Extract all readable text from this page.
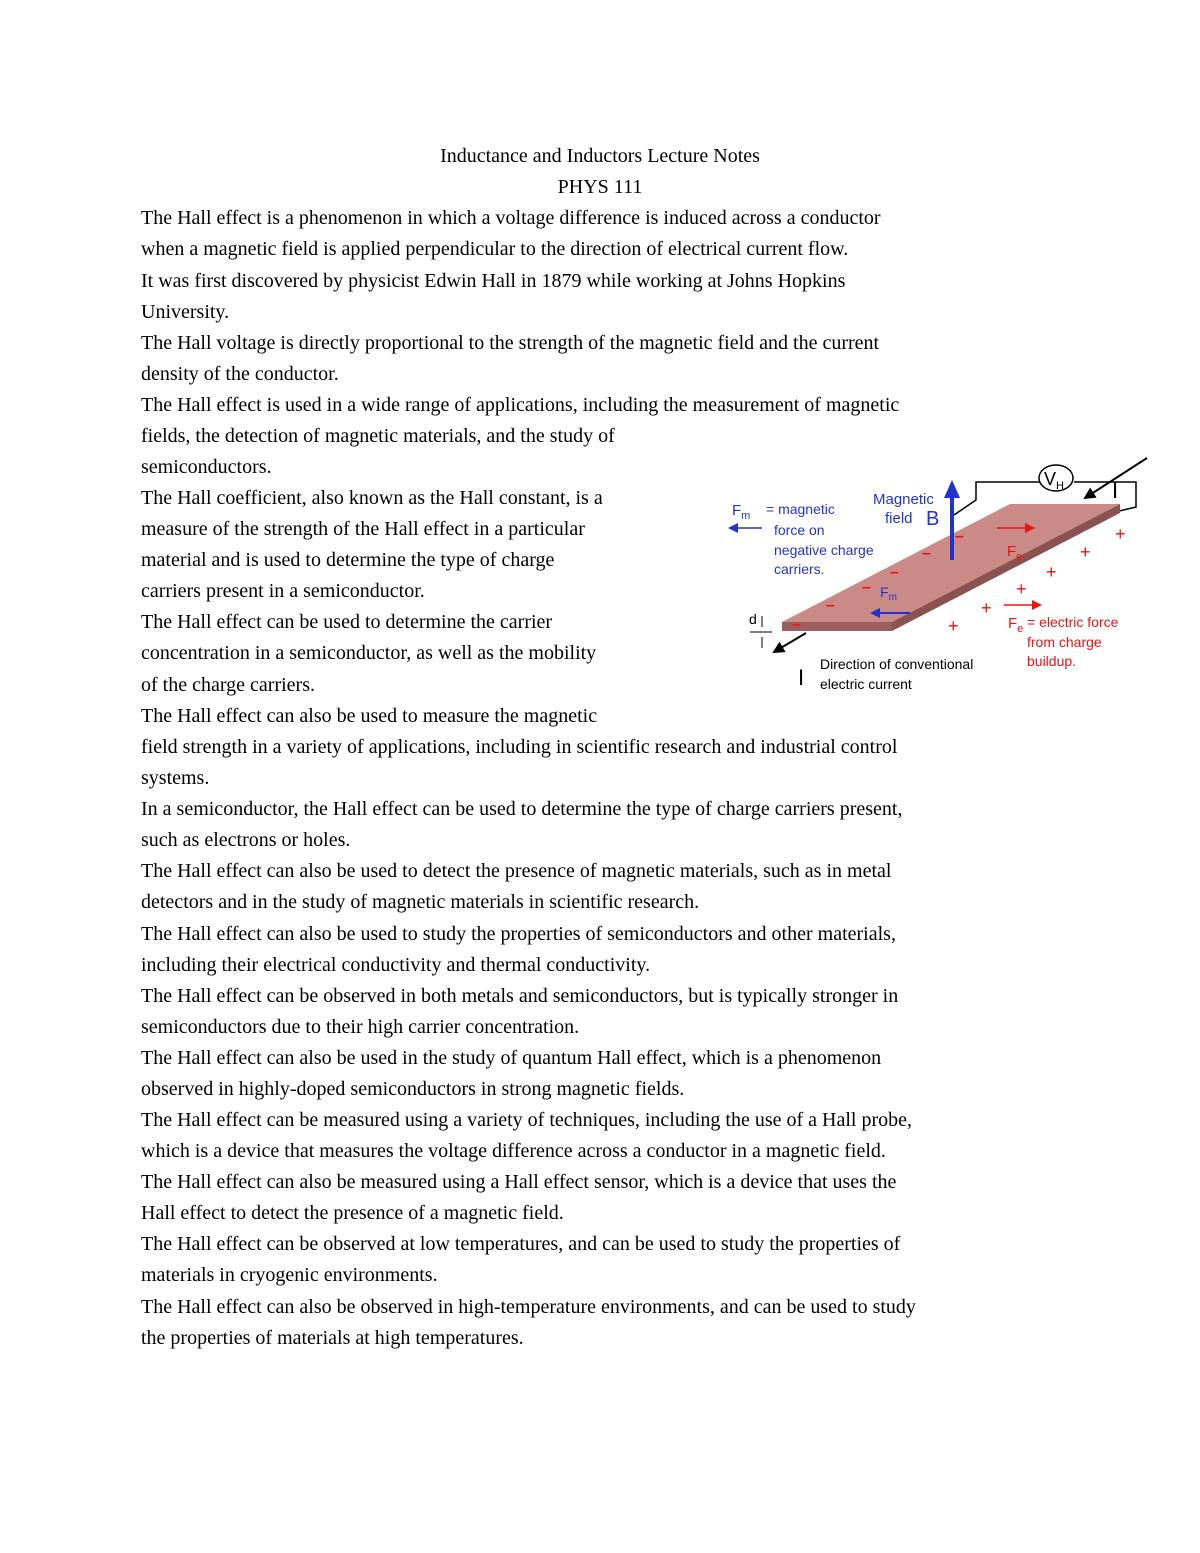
Inductance and Inductors Lecture Notes
PHYS 111
The Hall effect is a phenomenon in which a voltage difference is induced across a conductor
when a magnetic field is applied perpendicular to the direction of electrical current flow.
It was first discovered by physicist Edwin Hall in 1879 while working at Johns Hopkins
University.
The Hall voltage is directly proportional to the strength of the magnetic field and the current
density of the conductor.
The Hall effect is used in a wide range of applications, including the measurement of magnetic
fields, the detection of magnetic materials, and the study of
semiconductors.
The Hall coefficient, also known as the Hall constant, is a
measure of the strength of the Hall effect in a particular
material and is used to determine the type of charge
carriers present in a semiconductor.
The Hall effect can be used to determine the carrier
concentration in a semiconductor, as well as the mobility
of the charge carriers.
The Hall effect can also be used to measure the magnetic
field strength in a variety of applications, including in scientific research and industrial control
systems.
In a semiconductor, the Hall effect can be used to determine the type of charge carriers present,
such as electrons or holes.
The Hall effect can also be used to detect the presence of magnetic materials, such as in metal
detectors and in the study of magnetic materials in scientific research.
The Hall effect can also be used to study the properties of semiconductors and other materials,
including their electrical conductivity and thermal conductivity.
The Hall effect can be observed in both metals and semiconductors, but is typically stronger in
semiconductors due to their high carrier concentration.
The Hall effect can also be used in the study of quantum Hall effect, which is a phenomenon
observed in highly-doped semiconductors in strong magnetic fields.
The Hall effect can be measured using a variety of techniques, including the use of a Hall probe,
which is a device that measures the voltage difference across a conductor in a magnetic field.
The Hall effect can also be measured using a Hall effect sensor, which is a device that uses the
Hall effect to detect the presence of a magnetic field.
The Hall effect can be observed at low temperatures, and can be used to study the properties of
materials in cryogenic environments.
The Hall effect can also be observed in high-temperature environments, and can be used to study
the properties of materials at high temperatures.
$V_H$ I
I
Magnetic
field B
$F_m$ = magnetic
force on
negative charge
carriers.
$F_m$
$F_e$
$F_e$ = electric force
from charge
buildup.
–
–
–
–
–
–
+
+
+
+
+
+
d
Direction of conventional
electric current
